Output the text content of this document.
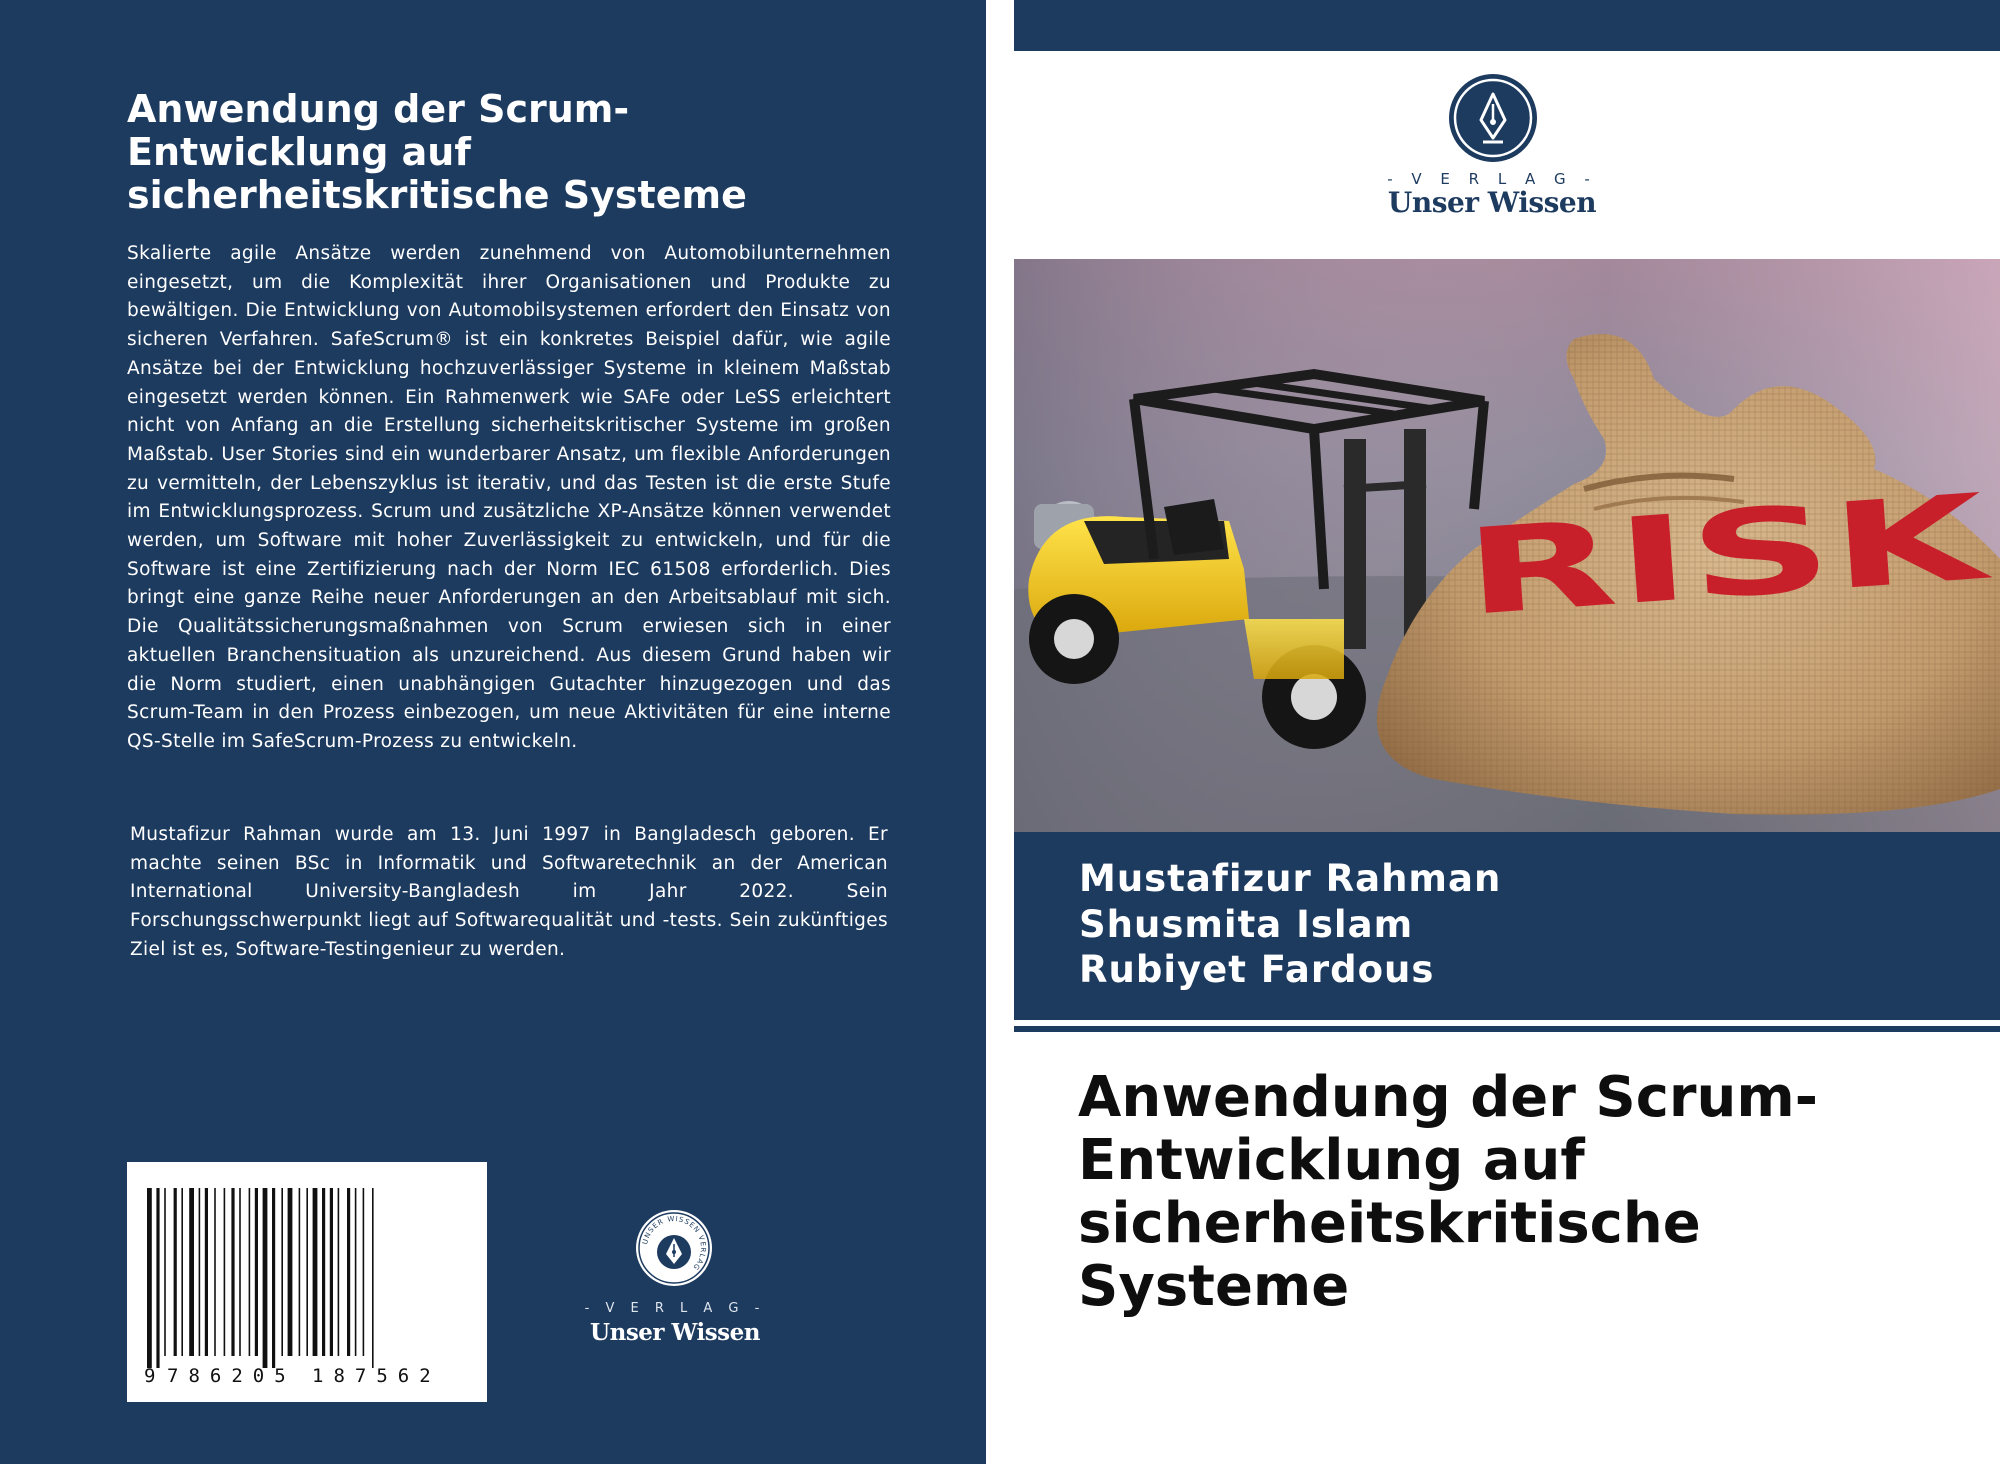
Anwendung der Scrum-
Entwicklung auf
sicherheitskritische Systeme

Skalierte agile Ansätze werden zunehmend von Automobilunternehmen eingesetzt, um die Komplexität ihrer Organisationen und Produkte zu bewältigen. Die Entwicklung von Automobilsystemen erfordert den Einsatz von sicheren Verfahren. SafeScrum® ist ein konkretes Beispiel dafür, wie agile Ansätze bei der Entwicklung hochzuverlässiger Systeme in kleinem Maßstab eingesetzt werden können. Ein Rahmenwerk wie SAFe oder LeSS erleichtert nicht von Anfang an die Erstellung sicherheitskritischer Systeme im großen Maßstab. User Stories sind ein wunderbarer Ansatz, um flexible Anforderungen zu vermitteln, der Lebenszyklus ist iterativ, und das Testen ist die erste Stufe im Entwicklungsprozess. Scrum und zusätzliche XP-Ansätze können verwendet werden, um Software mit hoher Zuverlässigkeit zu entwickeln, und für die Software ist eine Zertifizierung nach der Norm IEC 61508 erforderlich. Dies bringt eine ganze Reihe neuer Anforderungen an den Arbeitsablauf mit sich. Die Qualitätssicherungsmaßnahmen von Scrum erwiesen sich in einer aktuellen Branchensituation als unzureichend. Aus diesem Grund haben wir die Norm studiert, einen unabhängigen Gutachter hinzugezogen und das Scrum-Team in den Prozess einbezogen, um neue Aktivitäten für eine interne QS-Stelle im SafeScrum-Prozess zu entwickeln.

Mustafizur Rahman wurde am 13. Juni 1997 in Bangladesch geboren. Er machte seinen BSc in Informatik und Softwaretechnik an der American International University-Bangladesh im Jahr 2022. Sein Forschungsschwerpunkt liegt auf Softwarequalität und -tests. Sein zukünftiges Ziel ist es, Software-Testingenieur zu werden.

9 786205 187562
UNSER WISSEN VERLAG
- V E R L A G -
Unser Wissen
- V E R L A G -
Unser Wissen
RISK
Mustafizur Rahman
Shusmita Islam
Rubiyet Fardous
Anwendung der Scrum-
Entwicklung auf
sicherheitskritische
Systeme
